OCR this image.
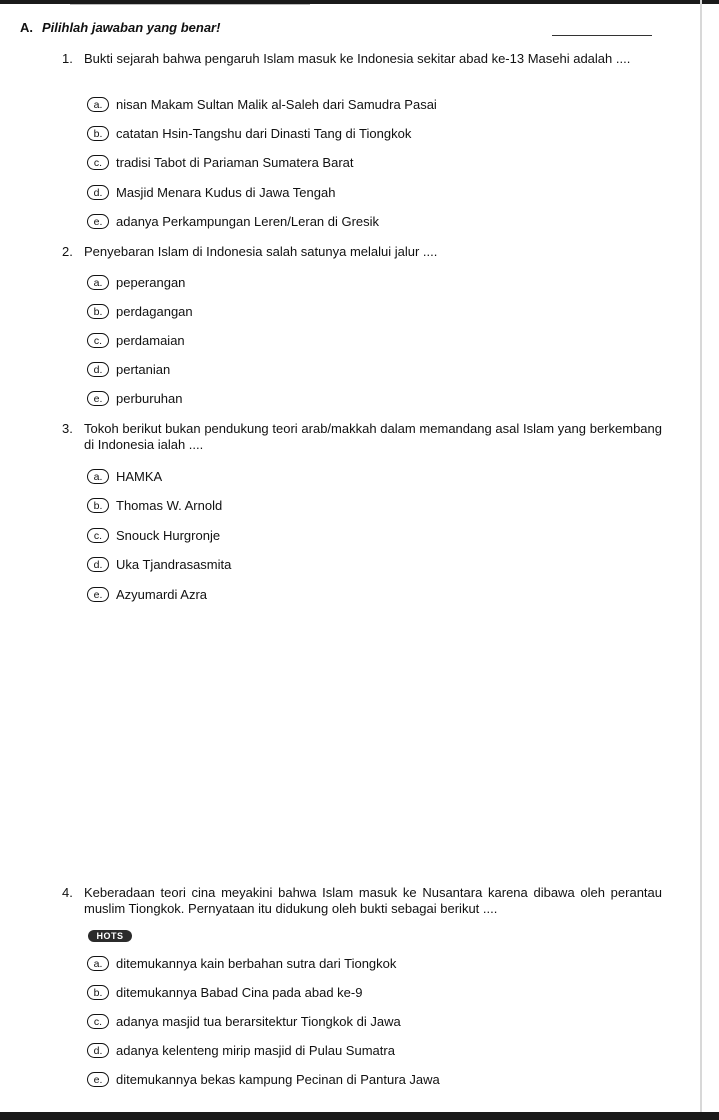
A. Pilihlah jawaban yang benar!
1. Bukti sejarah bahwa pengaruh Islam masuk ke Indonesia sekitar abad ke-13 Masehi adalah ....
a.	nisan Makam Sultan Malik al-Saleh dari Samudra Pasai
b.	catatan Hsin-Tangshu dari Dinasti Tang di Tiongkok
c.	tradisi Tabot di Pariaman Sumatera Barat
d.	Masjid Menara Kudus di Jawa Tengah
e.	adanya Perkampungan Leren/Leran di Gresik
2. Penyebaran Islam di Indonesia salah satunya melalui jalur ....
a.	peperangan
b.	perdagangan
c.	perdamaian
d.	pertanian
e.	perburuhan
3. Tokoh berikut bukan pendukung teori arab/makkah dalam memandang asal Islam yang berkembang di Indonesia ialah ....
a.	HAMKA
b.	Thomas W. Arnold
c.	Snouck Hurgronje
d.	Uka Tjandrasasmita
e.	Azyumardi Azra
4. Keberadaan teori cina meyakini bahwa Islam masuk ke Nusantara karena dibawa oleh perantau muslim Tiongkok. Pernyataan itu didukung oleh bukti sebagai berikut ....
HOTS
a.	ditemukannya kain berbahan sutra dari Tiongkok
b.	ditemukannya Babad Cina pada abad ke-9
c.	adanya masjid tua berarsitektur Tiongkok di Jawa
d.	adanya kelenteng mirip masjid di Pulau Sumatra
e.	ditemukannya bekas kampung Pecinan di Pantura Jawa
